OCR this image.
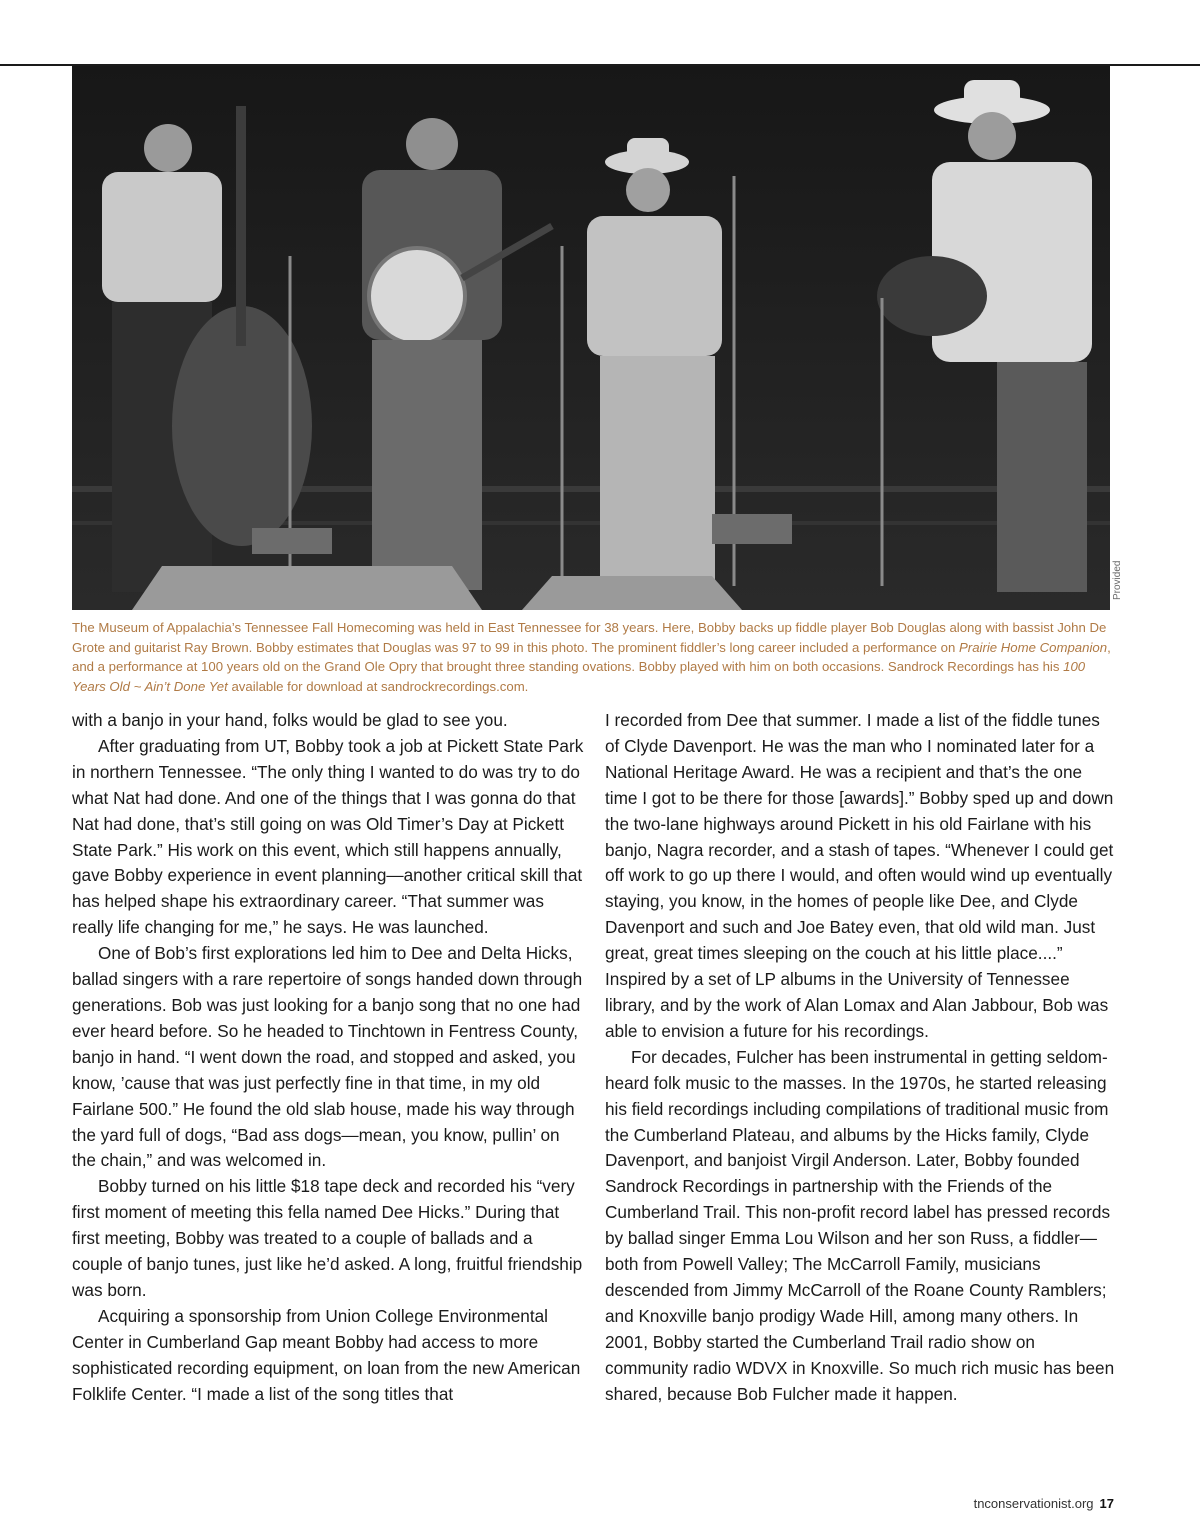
Provided

The Museum of Appalachia’s Tennessee Fall Homecoming was held in East Tennessee for 38 years. Here, Bobby backs up fiddle player Bob Douglas along with bassist John De Grote and guitarist Ray Brown. Bobby estimates that Douglas was 97 to 99 in this photo. The prominent fiddler’s long career included a performance on Prairie Home Companion, and a performance at 100 years old on the Grand Ole Opry that brought three standing ovations. Bobby played with him on both occasions. Sandrock Recordings has his 100 Years Old ~ Ain’t Done Yet available for download at sandrockrecordings.com.

with a banjo in your hand, folks would be glad to see you.

After graduating from UT, Bobby took a job at Pickett State Park in northern Tennessee. “The only thing I wanted to do was try to do what Nat had done. And one of the things that I was gonna do that Nat had done, that’s still going on was Old Timer’s Day at Pickett State Park.” His work on this event, which still happens annually, gave Bobby experience in event planning—another critical skill that has helped shape his extraordinary career. “That summer was really life changing for me,” he says. He was launched.

One of Bob’s first explorations led him to Dee and Delta Hicks, ballad singers with a rare repertoire of songs handed down through generations. Bob was just looking for a banjo song that no one had ever heard before. So he headed to Tinchtown in Fentress County, banjo in hand. “I went down the road, and stopped and asked, you know, ’cause that was just perfectly fine in that time, in my old Fairlane 500.” He found the old slab house, made his way through the yard full of dogs, “Bad ass dogs—mean, you know, pullin’ on the chain,” and was welcomed in.

Bobby turned on his little $18 tape deck and recorded his “very first moment of meeting this fella named Dee Hicks.” During that first meeting, Bobby was treated to a couple of ballads and a couple of banjo tunes, just like he’d asked. A long, fruitful friendship was born.

Acquiring a sponsorship from Union College Environmental Center in Cumberland Gap meant Bobby had access to more sophisticated recording equipment, on loan from the new American Folklife Center. “I made a list of the song titles that

I recorded from Dee that summer. I made a list of the fiddle tunes of Clyde Davenport. He was the man who I nominated later for a National Heritage Award. He was a recipient and that’s the one time I got to be there for those [awards].” Bobby sped up and down the two-lane highways around Pickett in his old Fairlane with his banjo, Nagra recorder, and a stash of tapes. “Whenever I could get off work to go up there I would, and often would wind up eventually staying, you know, in the homes of people like Dee, and Clyde Davenport and such and Joe Batey even, that old wild man. Just great, great times sleeping on the couch at his little place....” Inspired by a set of LP albums in the University of Tennessee library, and by the work of Alan Lomax and Alan Jabbour, Bob was able to envision a future for his recordings.

For decades, Fulcher has been instrumental in getting seldom-heard folk music to the masses. In the 1970s, he started releasing his field recordings including compilations of traditional music from the Cumberland Plateau, and albums by the Hicks family, Clyde Davenport, and banjoist Virgil Anderson. Later, Bobby founded Sandrock Recordings in partnership with the Friends of the Cumberland Trail. This non-profit record label has pressed records by ballad singer Emma Lou Wilson and her son Russ, a fiddler—both from Powell Valley; The McCarroll Family, musicians descended from Jimmy McCarroll of the Roane County Ramblers; and Knoxville banjo prodigy Wade Hill, among many others. In 2001, Bobby started the Cumberland Trail radio show on community radio WDVX in Knoxville. So much rich music has been shared, because Bob Fulcher made it happen.

tnconservationist.org 17
